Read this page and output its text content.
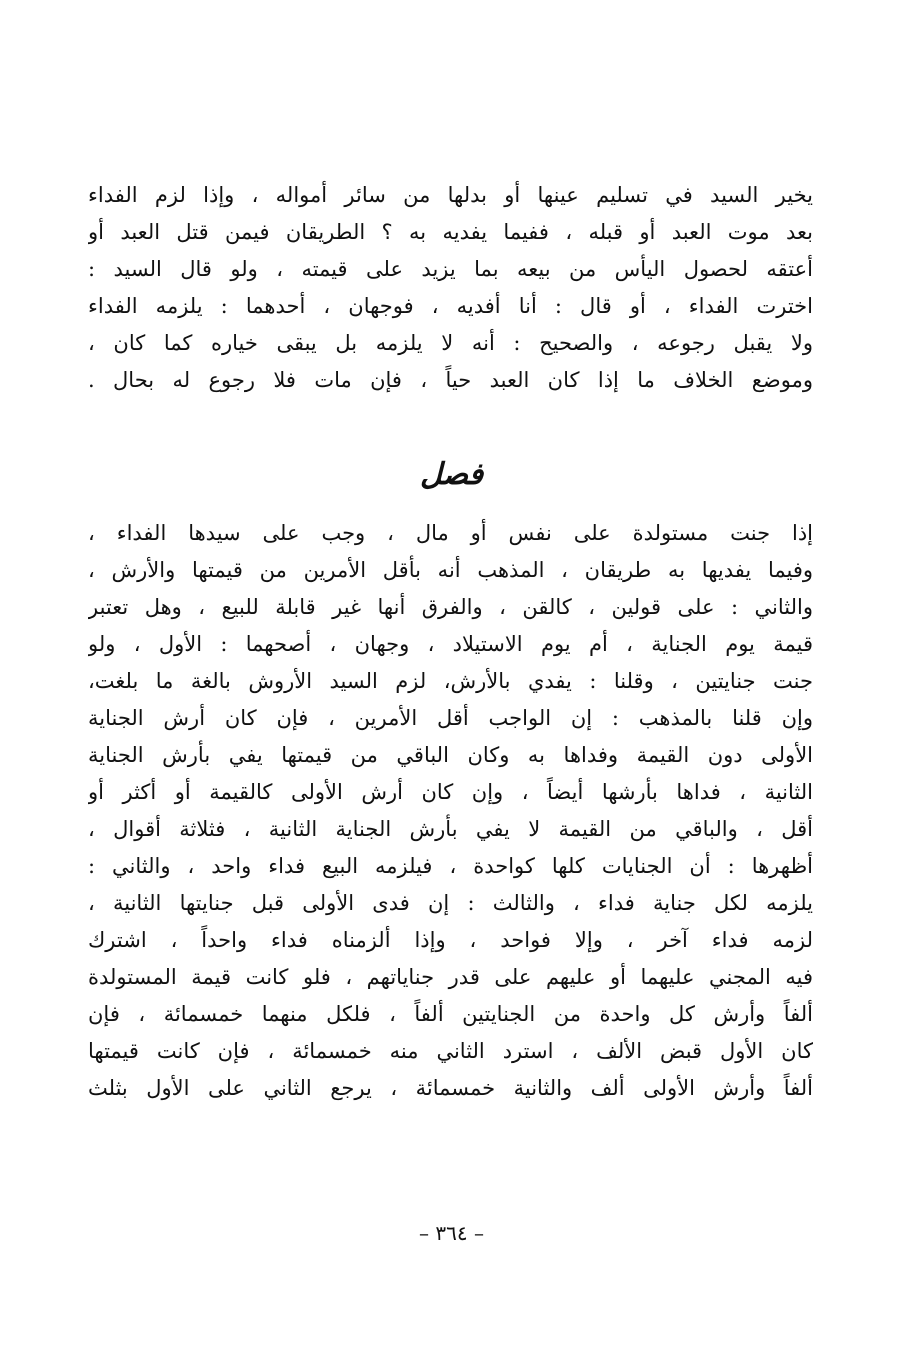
يخير السيد في تسليم عينها أو بدلها من سائر أمواله ، وإذا لزم الفداء
بعد موت العبد أو قبله ، ففيما يفديه به ؟ الطريقان فيمن قتل العبد أو
أعتقه لحصول اليأس من بيعه بما يزيد على قيمته ، ولو قال السيد :
اخترت الفداء ، أو قال : أنا أفديه ، فوجهان ، أحدهما : يلزمه الفداء
ولا يقبل رجوعه ، والصحيح : أنه لا يلزمه بل يبقى خياره كما كان ،
وموضع الخلاف ما إذا كان العبد حياً ، فإن مات فلا رجوع له بحال .
فصل
إذا جنت مستولدة على نفس أو مال ، وجب على سيدها الفداء ،
وفيما يفديها به طريقان ، المذهب أنه بأقل الأمرين من قيمتها والأرش ،
والثاني : على قولين ، كالقن ، والفرق أنها غير قابلة للبيع ، وهل تعتبر
قيمة يوم الجناية ، أم يوم الاستيلاد ، وجهان ، أصحهما : الأول ، ولو
جنت جنايتين ، وقلنا : يفدي بالأرش، لزم السيد الأروش بالغة ما بلغت،
وإن قلنا بالمذهب : إن الواجب أقل الأمرين ، فإن كان أرش الجناية
الأولى دون القيمة وفداها به وكان الباقي من قيمتها يفي بأرش الجناية
الثانية ، فداها بأرشها أيضاً ، وإن كان أرش الأولى كالقيمة أو أكثر أو
أقل ، والباقي من القيمة لا يفي بأرش الجناية الثانية ، فثلاثة أقوال ،
أظهرها : أن الجنايات كلها كواحدة ، فيلزمه البيع فداء واحد ، والثاني :
يلزمه لكل جناية فداء ، والثالث : إن فدى الأولى قبل جنايتها الثانية ،
لزمه فداء آخر ، وإلا فواحد ، وإذا ألزمناه فداء واحداً ، اشترك
فيه المجني عليهما أو عليهم على قدر جناياتهم ، فلو كانت قيمة المستولدة
ألفاً وأرش كل واحدة من الجنايتين ألفاً ، فلكل منهما خمسمائة ، فإن
كان الأول قبض الألف ، استرد الثاني منه خمسمائة ، فإن كانت قيمتها
ألفاً وأرش الأولى ألف والثانية خمسمائة ، يرجع الثاني على الأول بثلث
– ٣٦٤ –
